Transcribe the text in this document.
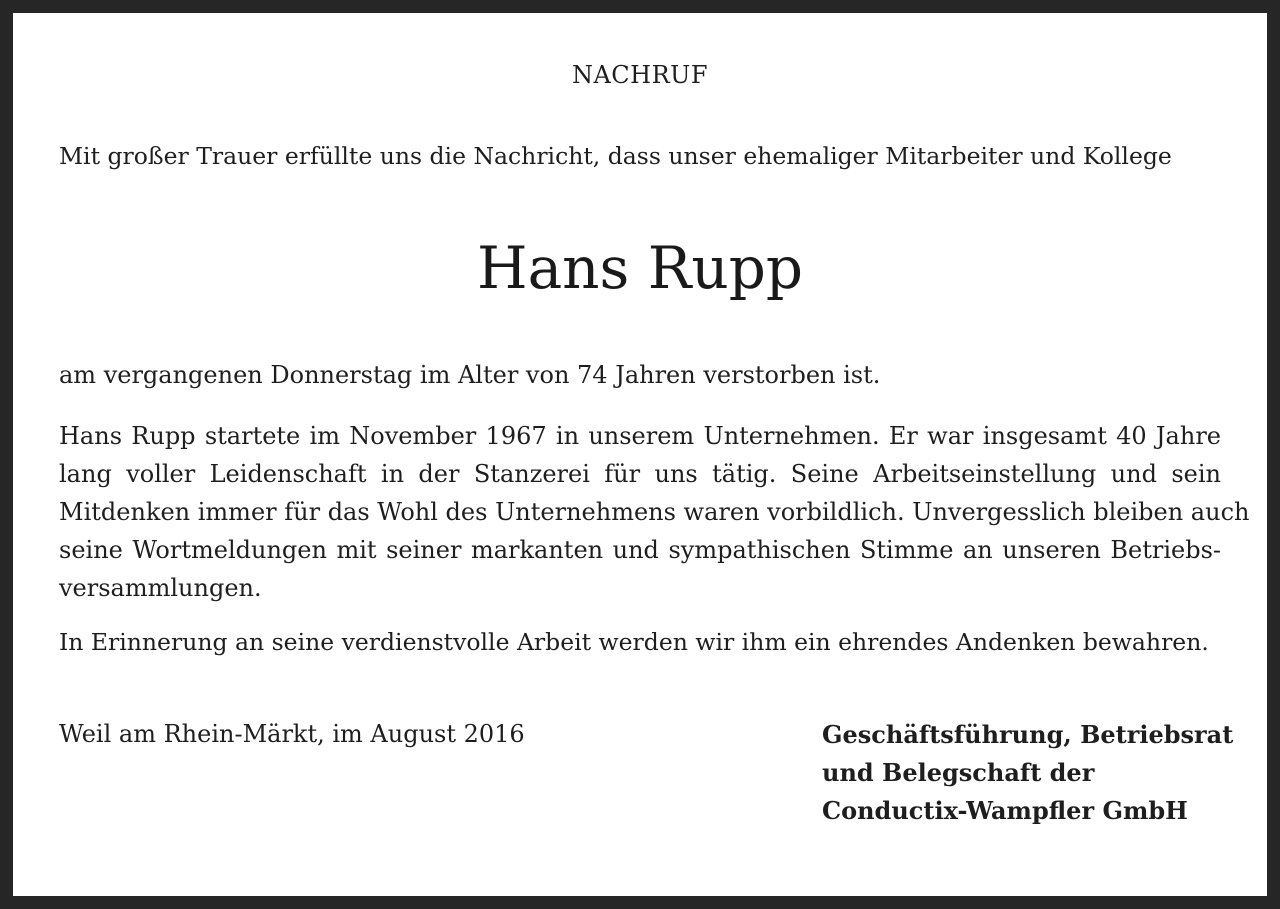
NACHRUF
Mit großer Trauer erfüllte uns die Nachricht, dass unser ehemaliger Mitarbeiter und Kollege
Hans Rupp
am vergangenen Donnerstag im Alter von 74 Jahren verstorben ist.
Hans Rupp startete im November 1967 in unserem Unternehmen. Er war insgesamt 40 Jahre
lang voller Leidenschaft in der Stanzerei für uns tätig. Seine Arbeitseinstellung und sein
Mitdenken immer für das Wohl des Unternehmens waren vorbildlich. Unvergesslich bleiben auch
seine Wortmeldungen mit seiner markanten und sympathischen Stimme an unseren Betriebs-
versammlungen.
In Erinnerung an seine verdienstvolle Arbeit werden wir ihm ein ehrendes Andenken bewahren.
Weil am Rhein-Märkt, im August 2016	Geschäftsführung, Betriebsrat
und Belegschaft der
Conductix-Wampfler GmbH
